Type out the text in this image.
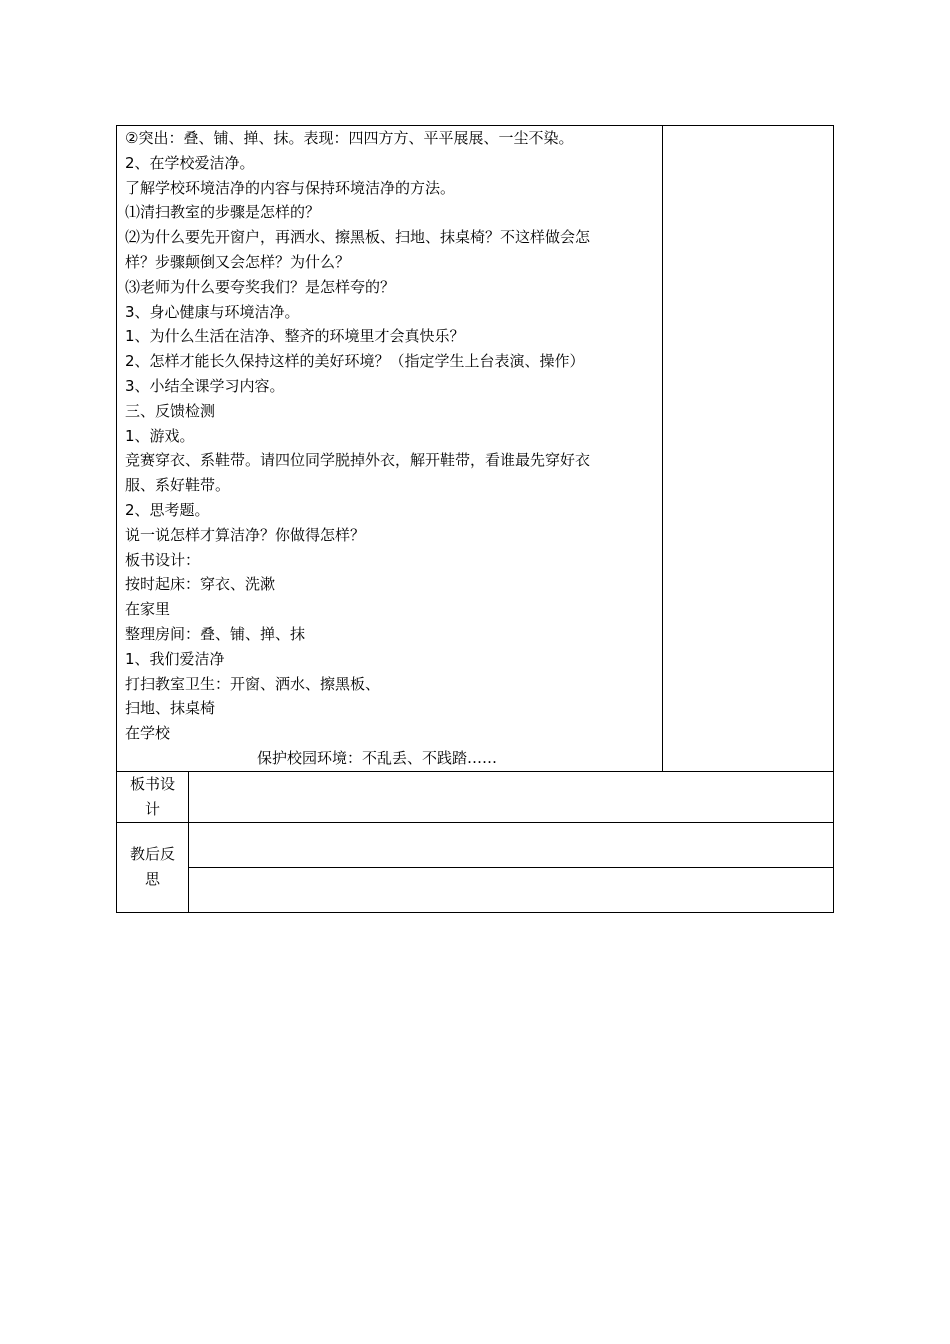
②突出：叠、铺、掸、抹。表现：四四方方、平平展展、一尘不染。
2、在学校爱洁净。
了解学校环境洁净的内容与保持环境洁净的方法。
⑴清扫教室的步骤是怎样的？
⑵为什么要先开窗户，再洒水、擦黑板、扫地、抹桌椅？不这样做会怎
样？步骤颠倒又会怎样？为什么？
⑶老师为什么要夸奖我们？是怎样夸的？
3、身心健康与环境洁净。
1、为什么生活在洁净、整齐的环境里才会真快乐？
2、怎样才能长久保持这样的美好环境？（指定学生上台表演、操作）
3、小结全课学习内容。
三、反馈检测
1、游戏。
竞赛穿衣、系鞋带。请四位同学脱掉外衣，解开鞋带，看谁最先穿好衣
服、系好鞋带。
2、思考题。
说一说怎样才算洁净？你做得怎样？
板书设计：
按时起床：穿衣、洗漱
在家里
整理房间：叠、铺、掸、抹
1、我们爱洁净
打扫教室卫生：开窗、洒水、擦黑板、
扫地、抹桌椅
在学校
保护校园环境：不乱丢、不践踏……
板书设计
教后反思
